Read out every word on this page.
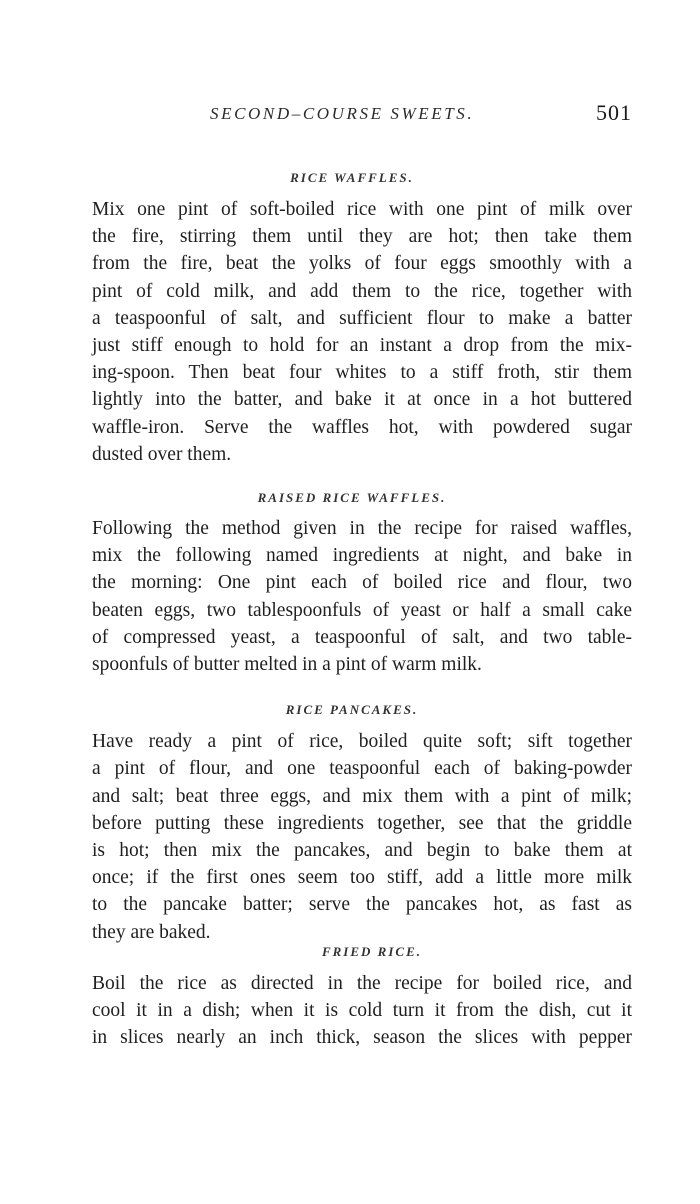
SECOND–COURSE SWEETS.	501

RICE WAFFLES.

Mix one pint of soft-boiled rice with one pint of milk over
the fire, stirring them until they are hot; then take them
from the fire, beat the yolks of four eggs smoothly with a
pint of cold milk, and add them to the rice, together with
a teaspoonful of salt, and sufficient flour to make a batter
just stiff enough to hold for an instant a drop from the mix-
ing-spoon. Then beat four whites to a stiff froth, stir them
lightly into the batter, and bake it at once in a hot buttered
waffle-iron. Serve the waffles hot, with powdered sugar
dusted over them.

RAISED RICE WAFFLES.

Following the method given in the recipe for raised waffles,
mix the following named ingredients at night, and bake in
the morning: One pint each of boiled rice and flour, two
beaten eggs, two tablespoonfuls of yeast or half a small cake
of compressed yeast, a teaspoonful of salt, and two table-
spoonfuls of butter melted in a pint of warm milk.

RICE PANCAKES.

Have ready a pint of rice, boiled quite soft; sift together
a pint of flour, and one teaspoonful each of baking-powder
and salt; beat three eggs, and mix them with a pint of milk;
before putting these ingredients together, see that the griddle
is hot; then mix the pancakes, and begin to bake them at
once; if the first ones seem too stiff, add a little more milk
to the pancake batter; serve the pancakes hot, as fast as
they are baked.

FRIED RICE.

Boil the rice as directed in the recipe for boiled rice, and
cool it in a dish; when it is cold turn it from the dish, cut it
in slices nearly an inch thick, season the slices with pepper
